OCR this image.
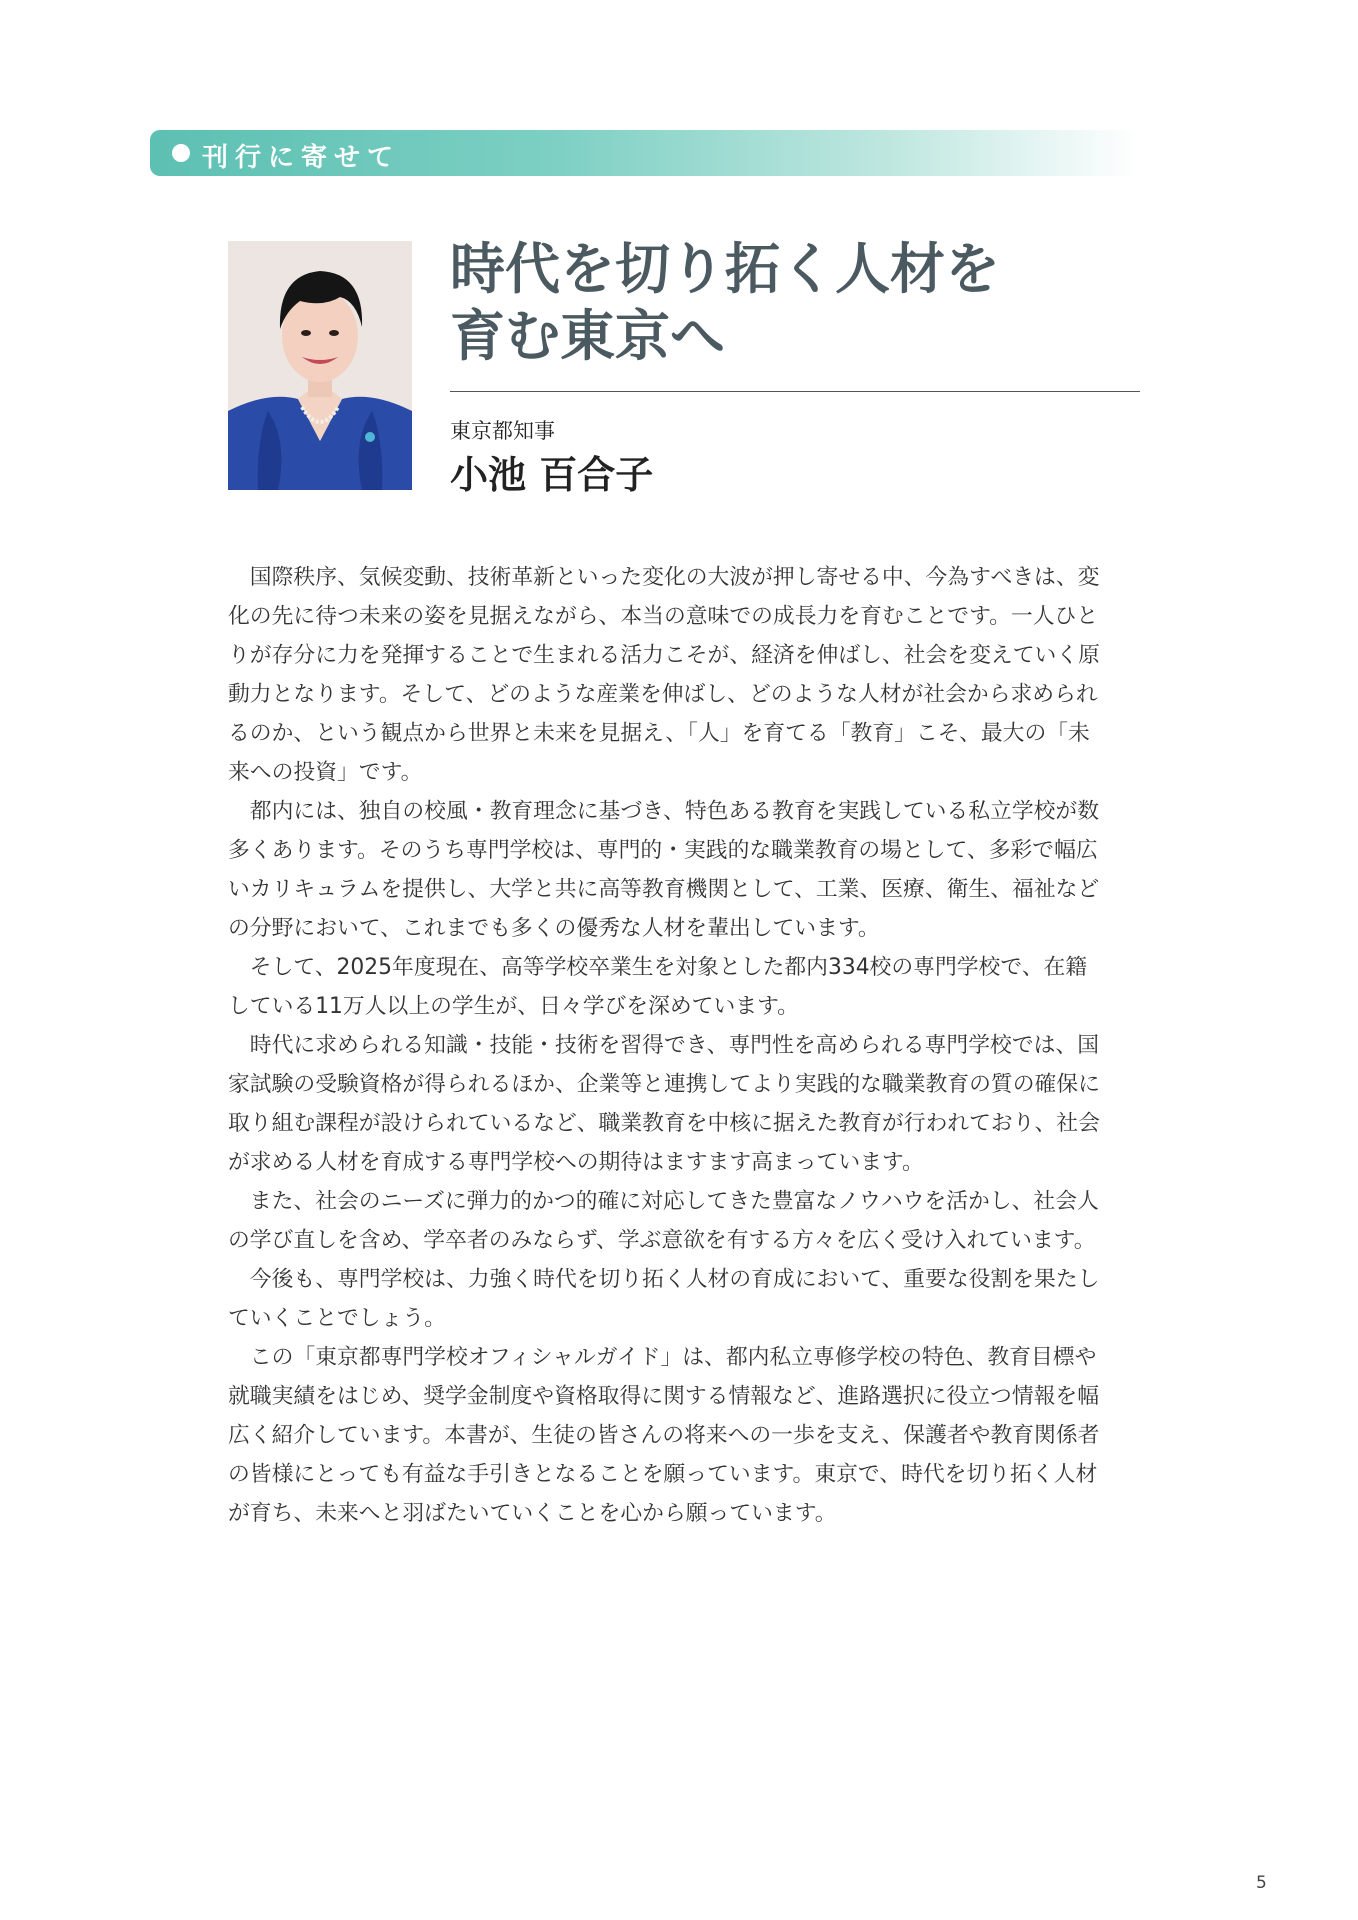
刊行に寄せて
時代を切り拓く人材を
育む東京へ
東京都知事
小池 百合子
国際秩序、気候変動、技術革新といった変化の大波が押し寄せる中、今為すべきは、変
化の先に待つ未来の姿を見据えながら、本当の意味での成長力を育むことです。一人ひと
りが存分に力を発揮することで生まれる活力こそが、経済を伸ばし、社会を変えていく原
動力となります。そして、どのような産業を伸ばし、どのような人材が社会から求められ
るのか、という観点から世界と未来を見据え、「人」を育てる「教育」こそ、最大の「未
来への投資」です。
都内には、独自の校風・教育理念に基づき、特色ある教育を実践している私立学校が数
多くあります。そのうち専門学校は、専門的・実践的な職業教育の場として、多彩で幅広
いカリキュラムを提供し、大学と共に高等教育機関として、工業、医療、衛生、福祉など
の分野において、これまでも多くの優秀な人材を輩出しています。
そして、2025年度現在、高等学校卒業生を対象とした都内334校の専門学校で、在籍
している11万人以上の学生が、日々学びを深めています。
時代に求められる知識・技能・技術を習得でき、専門性を高められる専門学校では、国
家試験の受験資格が得られるほか、企業等と連携してより実践的な職業教育の質の確保に
取り組む課程が設けられているなど、職業教育を中核に据えた教育が行われており、社会
が求める人材を育成する専門学校への期待はますます高まっています。
また、社会のニーズに弾力的かつ的確に対応してきた豊富なノウハウを活かし、社会人
の学び直しを含め、学卒者のみならず、学ぶ意欲を有する方々を広く受け入れています。
今後も、専門学校は、力強く時代を切り拓く人材の育成において、重要な役割を果たし
ていくことでしょう。
この「東京都専門学校オフィシャルガイド」は、都内私立専修学校の特色、教育目標や
就職実績をはじめ、奨学金制度や資格取得に関する情報など、進路選択に役立つ情報を幅
広く紹介しています。本書が、生徒の皆さんの将来への一歩を支え、保護者や教育関係者
の皆様にとっても有益な手引きとなることを願っています。東京で、時代を切り拓く人材
が育ち、未来へと羽ばたいていくことを心から願っています。
5
